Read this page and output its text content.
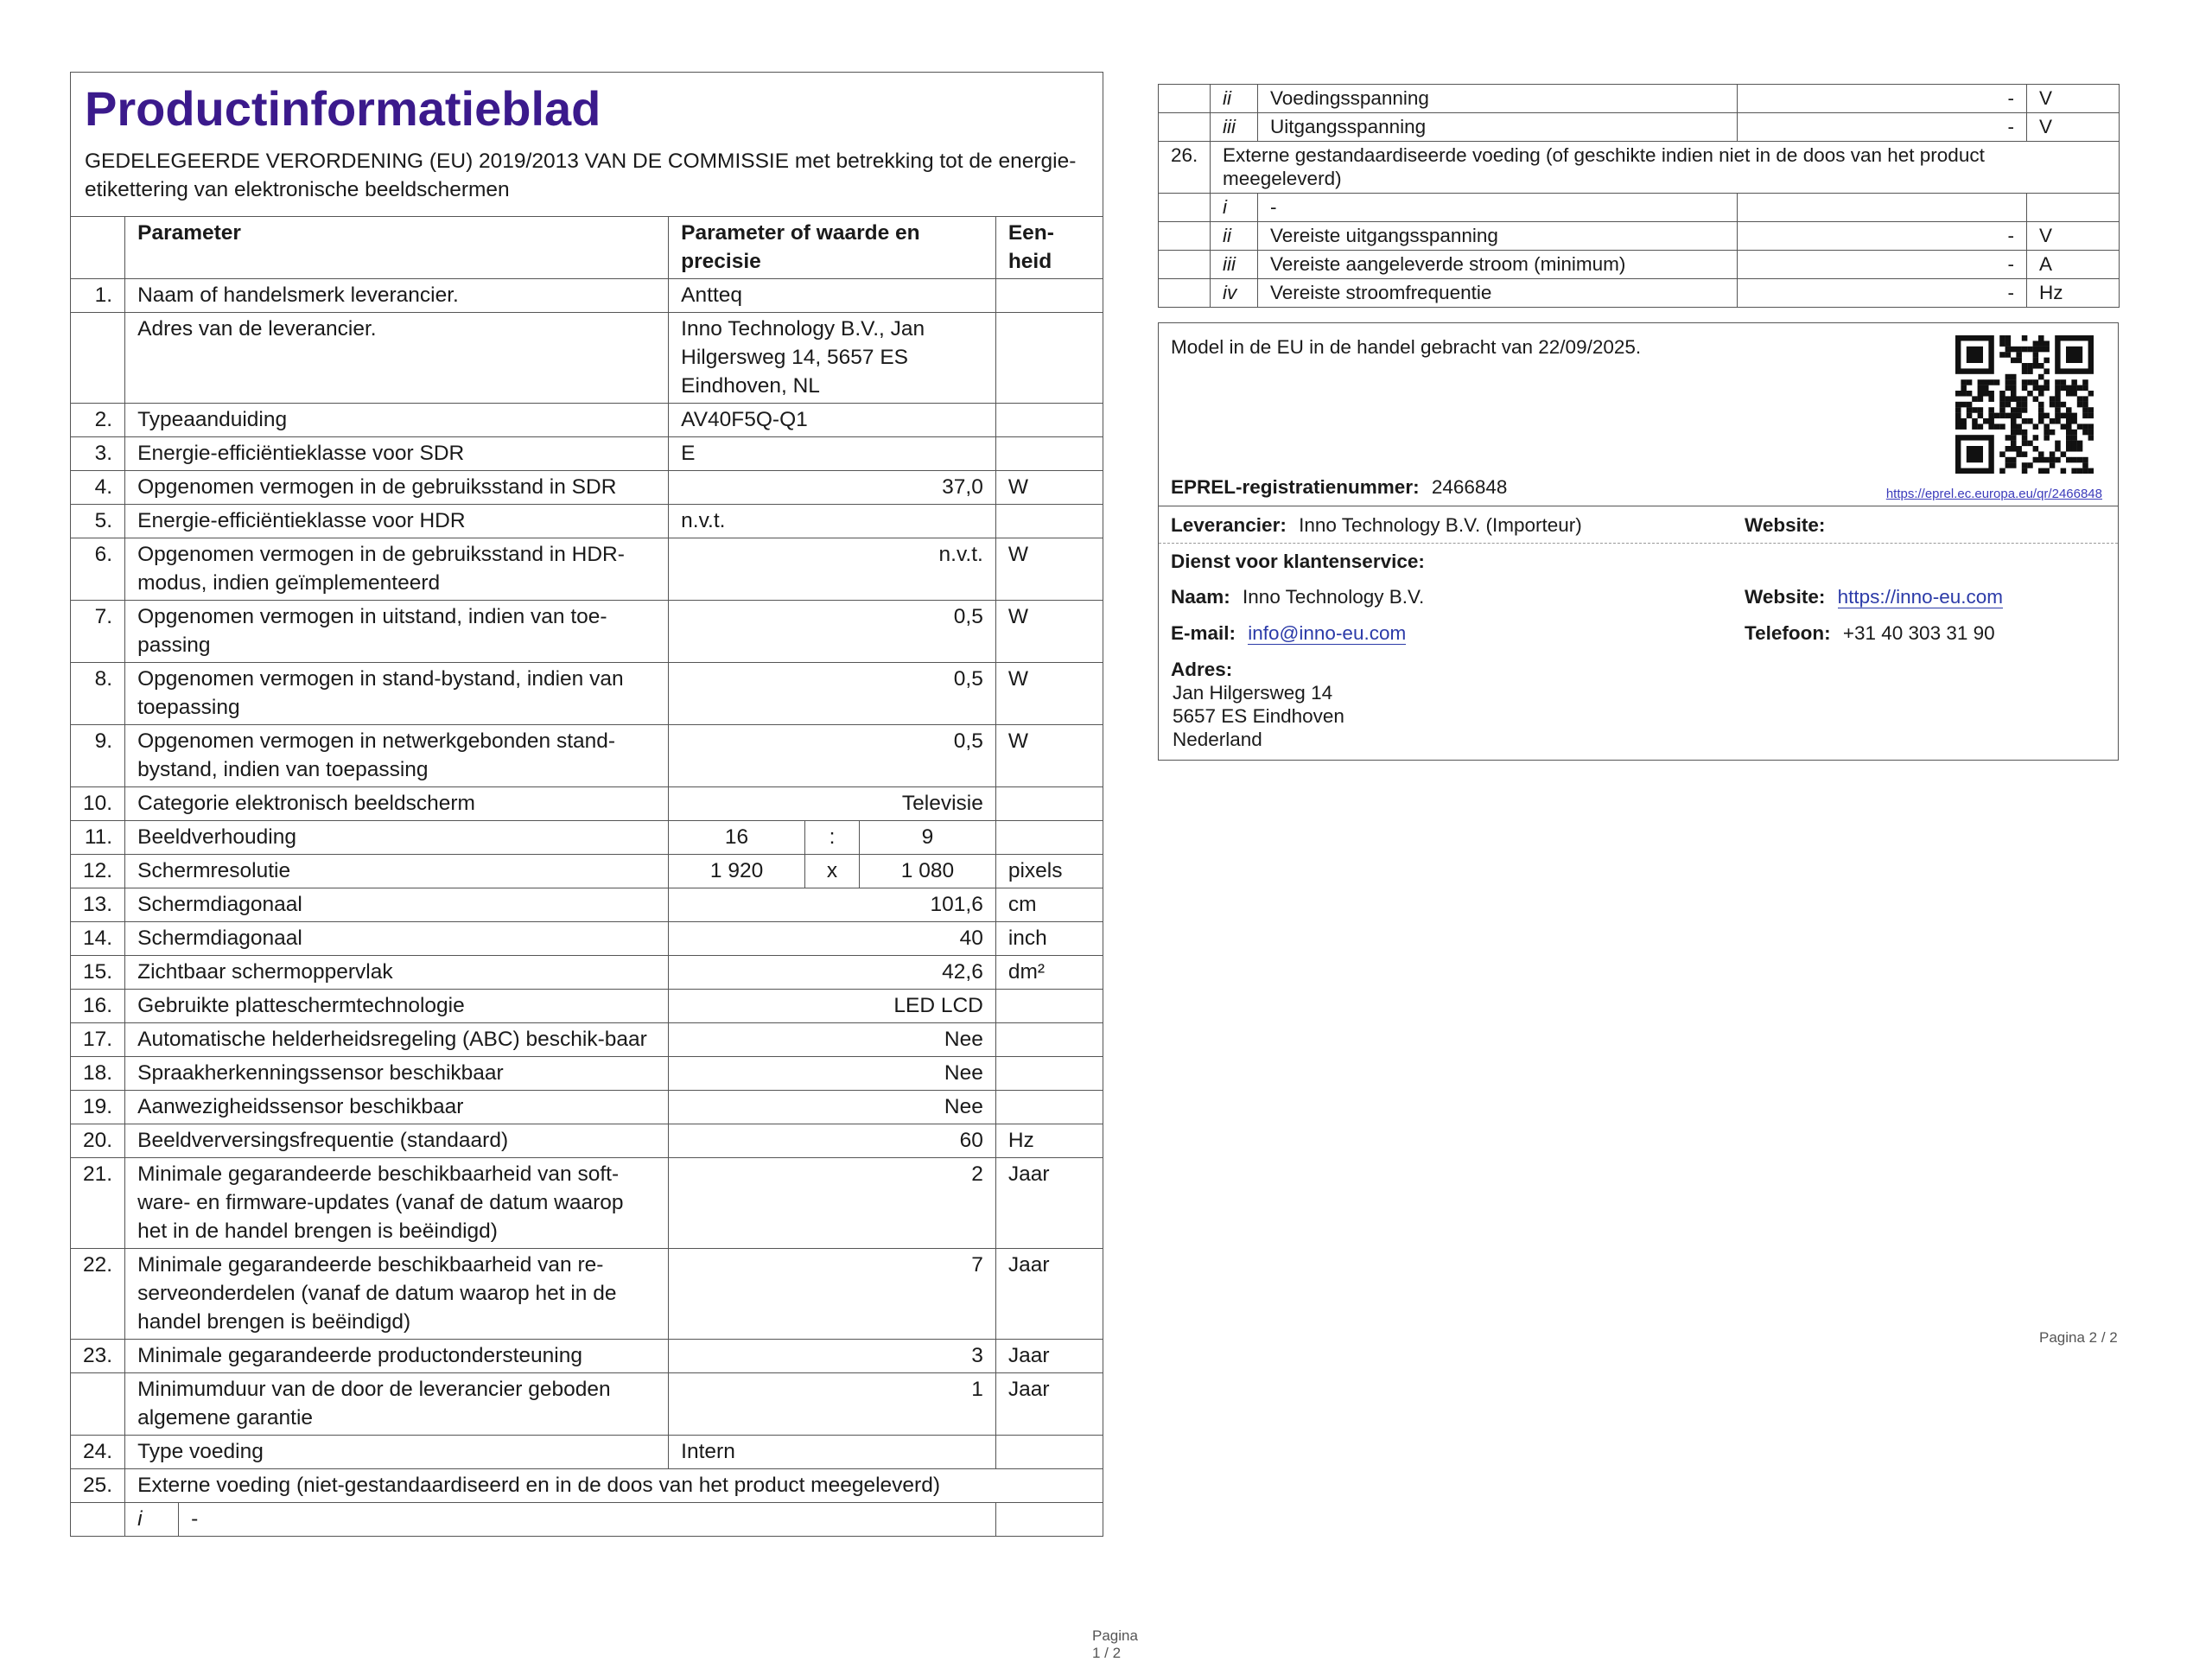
Productinformatieblad
GEDELEGEERDE VERORDENING (EU) 2019/2013 VAN DE COMMISSIE met betrekking tot de energie-etikettering van elektronische beeldschermen
	Parameter		Parameter of waarde en precisie			Een-heid
1.	Naam of handelsmerk leverancier.		Antteq			
	Adres van de leverancier.		Inno Technology B.V., Jan Hilgersweg 14, 5657 ES Eindhoven, NL			
2.	Typeaanduiding		AV40F5Q-Q1			
3.	Energie-efficiëntieklasse voor SDR		E			
4.	Opgenomen vermogen in de gebruiksstand in SDR		37,0			W
5.	Energie-efficiëntieklasse voor HDR		n.v.t.			
6.	Opgenomen vermogen in de gebruiksstand in HDR-modus, indien geïmplementeerd		n.v.t.			W
7.	Opgenomen vermogen in uitstand, indien van toe-passing		0,5			W
8.	Opgenomen vermogen in stand-bystand, indien van toepassing		0,5			W
9.	Opgenomen vermogen in netwerkgebonden stand-bystand, indien van toepassing		0,5			W
10.	Categorie elektronisch beeldscherm		Televisie			
11.	Beeldverhouding		16	:	9	
12.	Schermresolutie		1 920	x	1 080	pixels
13.	Schermdiagonaal		101,6			cm
14.	Schermdiagonaal		40			inch
15.	Zichtbaar schermoppervlak		42,6			dm²
16.	Gebruikte platteschermtechnologie		LED LCD			
17.	Automatische helderheidsregeling (ABC) beschik-baar		Nee			
18.	Spraakherkenningssensor beschikbaar		Nee			
19.	Aanwezigheidssensor beschikbaar		Nee			
20.	Beeldverversingsfrequentie (standaard)		60			Hz
21.	Minimale gegarandeerde beschikbaarheid van soft-ware- en firmware-updates (vanaf de datum waarop het in de handel brengen is beëindigd)		2			Jaar
22.	Minimale gegarandeerde beschikbaarheid van re-serveonderdelen (vanaf de datum waarop het in de handel brengen is beëindigd)		7			Jaar
23.	Minimale gegarandeerde productondersteuning		3			Jaar
	Minimumduur van de door de leverancier geboden algemene garantie		1			Jaar
24.	Type voeding		Intern			
25.	Externe voeding (niet-gestandaardiseerd en in de doos van het product meegeleverd)					
	i	-				
Pagina 1 / 2
	ii	Voedingsspanning	-	V
	iii	Uitgangsspanning	-	V
26.	Externe gestandaardiseerde voeding (of geschikte indien niet in de doos van het product meegeleverd)			
	i	-		
	ii	Vereiste uitgangsspanning	-	V
	iii	Vereiste aangeleverde stroom (minimum)	-	A
	iv	Vereiste stroomfrequentie	-	Hz
Model in de EU in de handel gebracht van 22/09/2025.
EPREL-registratienummer: 2466848	https://eprel.ec.europa.eu/qr/2466848
Leverancier: Inno Technology B.V. (Importeur)	Website:
Dienst voor klantenservice:
Naam: Inno Technology B.V.	Website: https://inno-eu.com
E-mail: info@inno-eu.com	Telefoon: +31 40 303 31 90
Adres:
Jan Hilgersweg 14
5657 ES Eindhoven
Nederland
Pagina 2 / 2
